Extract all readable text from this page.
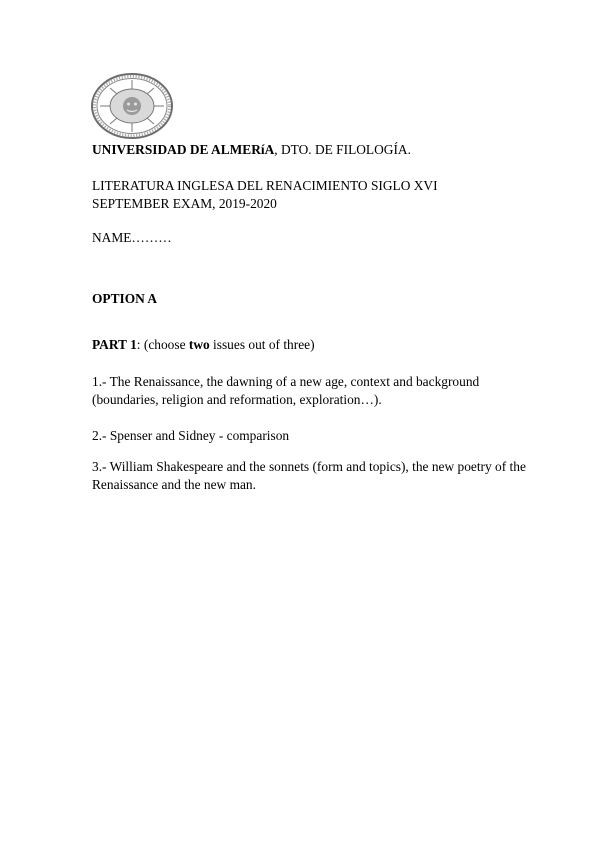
UNIVERSIDAD DE ALMERíA, DTO. DE FILOLOGÍA.

LITERATURA INGLESA DEL RENACIMIENTO SIGLO XVI

SEPTEMBER EXAM, 2019-2020

NAME………

OPTION A

PART 1: (choose two issues out of three)

1.- The Renaissance, the dawning of a new age, context and background (boundaries, religion and reformation, exploration…).

2.- Spenser and Sidney - comparison

3.- William Shakespeare and the sonnets (form and topics), the new poetry of the Renaissance and the new man.
